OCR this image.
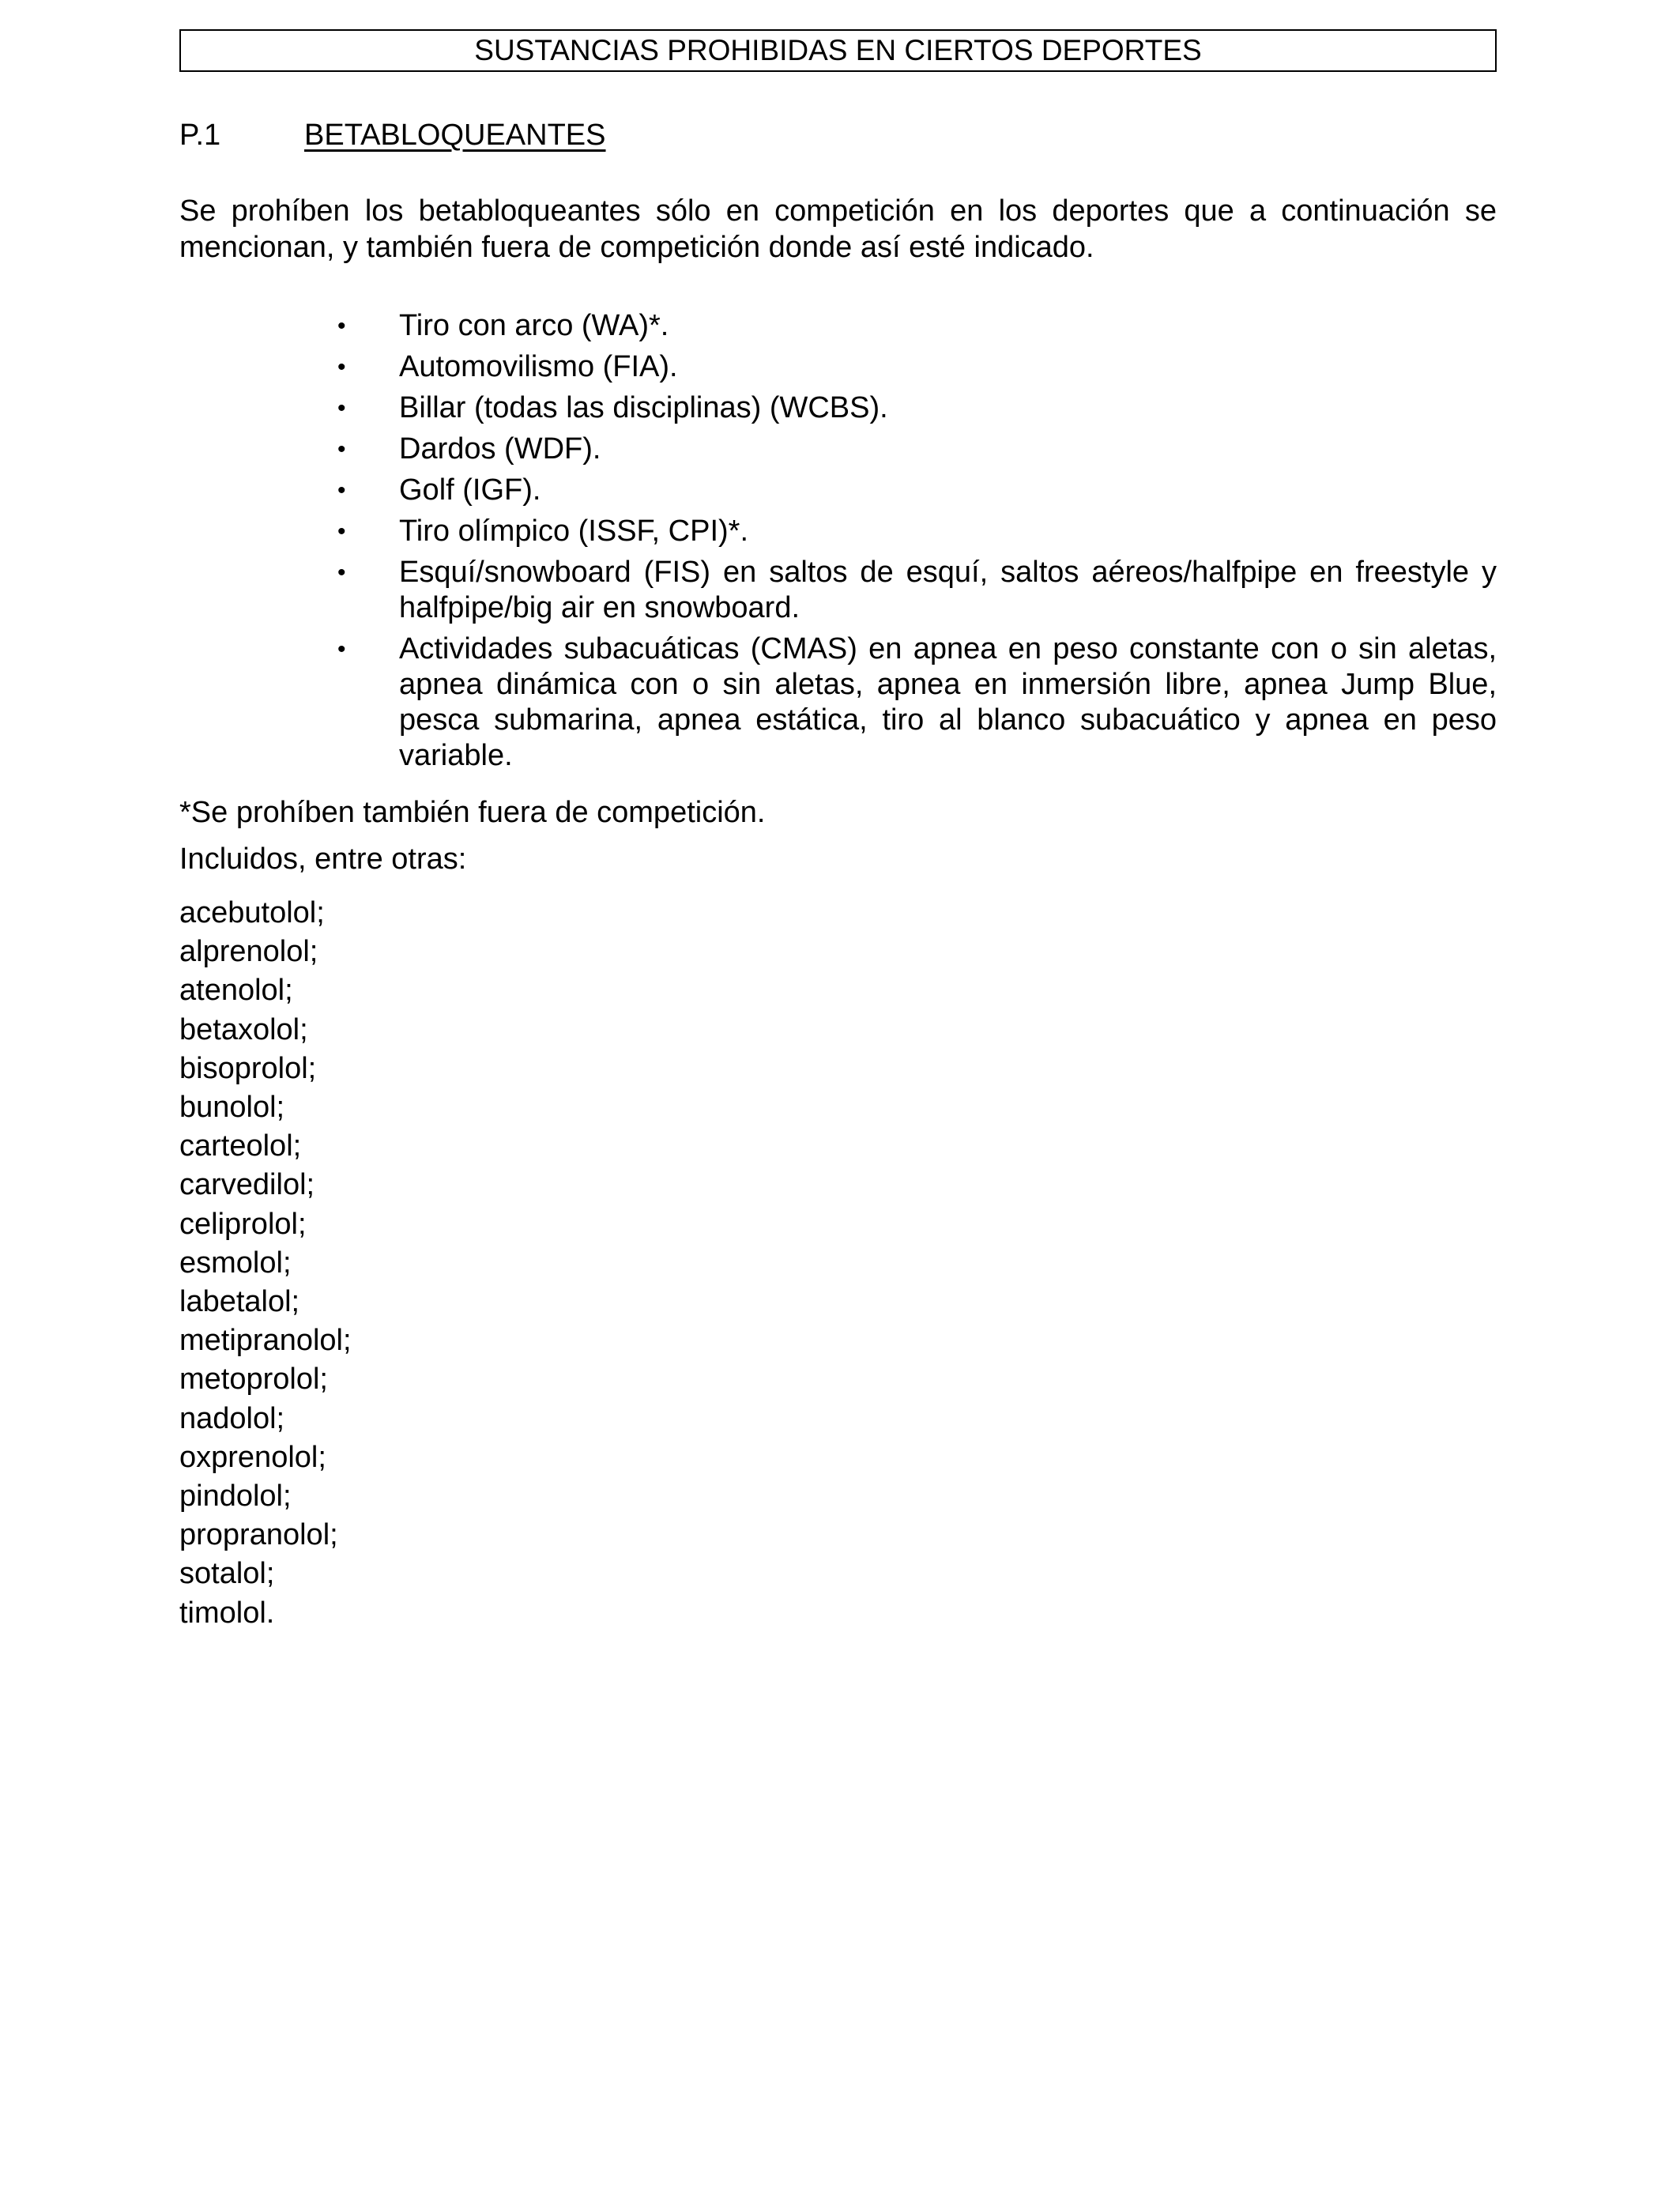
SUSTANCIAS PROHIBIDAS EN CIERTOS DEPORTES
P.1	BETABLOQUEANTES
Se prohíben los betabloqueantes sólo en competición en los deportes que a continuación se mencionan, y también fuera de competición donde así esté indicado.
•	Tiro con arco (WA)*.
•	Automovilismo (FIA).
•	Billar (todas las disciplinas) (WCBS).
•	Dardos (WDF).
•	Golf (IGF).
•	Tiro olímpico (ISSF, CPI)*.
•	Esquí/snowboard (FIS) en saltos de esquí, saltos aéreos/halfpipe en freestyle y halfpipe/big air en snowboard.
•	Actividades subacuáticas (CMAS) en apnea en peso constante con o sin aletas, apnea dinámica con o sin aletas, apnea en inmersión libre, apnea Jump Blue, pesca submarina, apnea estática, tiro al blanco subacuático y apnea en peso variable.
*Se prohíben también fuera de competición.
Incluidos, entre otras:
acebutolol;
alprenolol;
atenolol;
betaxolol;
bisoprolol;
bunolol;
carteolol;
carvedilol;
celiprolol;
esmolol;
labetalol;
metipranolol;
metoprolol;
nadolol;
oxprenolol;
pindolol;
propranolol;
sotalol;
timolol.
